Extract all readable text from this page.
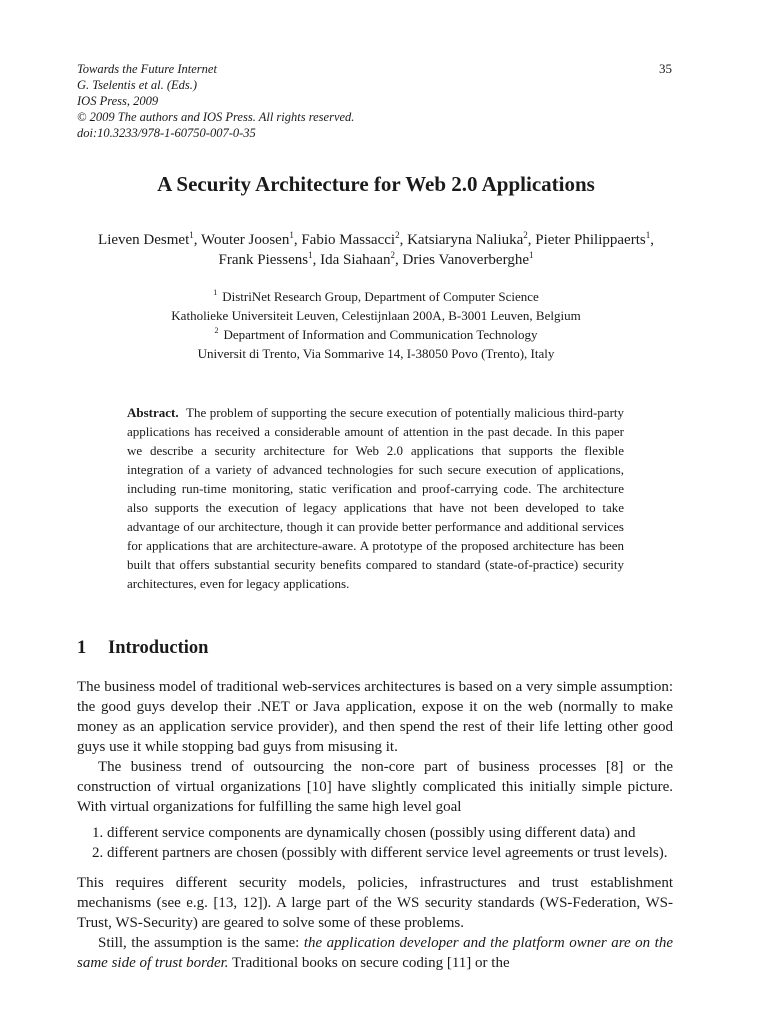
Towards the Future Internet
G. Tselentis et al. (Eds.)
IOS Press, 2009
© 2009 The authors and IOS Press. All rights reserved.
doi:10.3233/978-1-60750-007-0-35
35
A Security Architecture for Web 2.0 Applications
Lieven Desmet$^1$, Wouter Joosen$^1$, Fabio Massacci$^2$, Katsiaryna Naliuka$^2$, Pieter Philippaerts$^1$, Frank Piessens$^1$, Ida Siahaan$^2$, Dries Vanoverberghe$^1$
$^1$ DistriNet Research Group, Department of Computer Science
Katholieke Universiteit Leuven, Celestijnlaan 200A, B-3001 Leuven, Belgium
$^2$ Department of Information and Communication Technology
Universit di Trento, Via Sommarive 14, I-38050 Povo (Trento), Italy
Abstract. The problem of supporting the secure execution of potentially malicious third-party applications has received a considerable amount of attention in the past decade. In this paper we describe a security architecture for Web 2.0 applications that supports the flexible integration of a variety of advanced technologies for such secure execution of applications, including run-time monitoring, static verification and proof-carrying code. The architecture also supports the execution of legacy applications that have not been developed to take advantage of our architecture, though it can provide better performance and additional services for applications that are architecture-aware. A prototype of the proposed architecture has been built that offers substantial security benefits compared to standard (state-of-practice) security architectures, even for legacy applications.
1 Introduction

The business model of traditional web-services architectures is based on a very simple assumption: the good guys develop their .NET or Java application, expose it on the web (normally to make money as an application service provider), and then spend the rest of their life letting other good guys use it while stopping bad guys from misusing it.

The business trend of outsourcing the non-core part of business processes [8] or the construction of virtual organizations [10] have slightly complicated this initially simple picture. With virtual organizations for fulfilling the same high level goal

1. different service components are dynamically chosen (possibly using different data) and
2. different partners are chosen (possibly with different service level agreements or trust levels).

This requires different security models, policies, infrastructures and trust establishment mechanisms (see e.g. [13, 12]). A large part of the WS security standards (WS-Federation, WS-Trust, WS-Security) are geared to solve some of these problems.

Still, the assumption is the same: the application developer and the platform owner are on the same side of trust border. Traditional books on secure coding [11] or the
